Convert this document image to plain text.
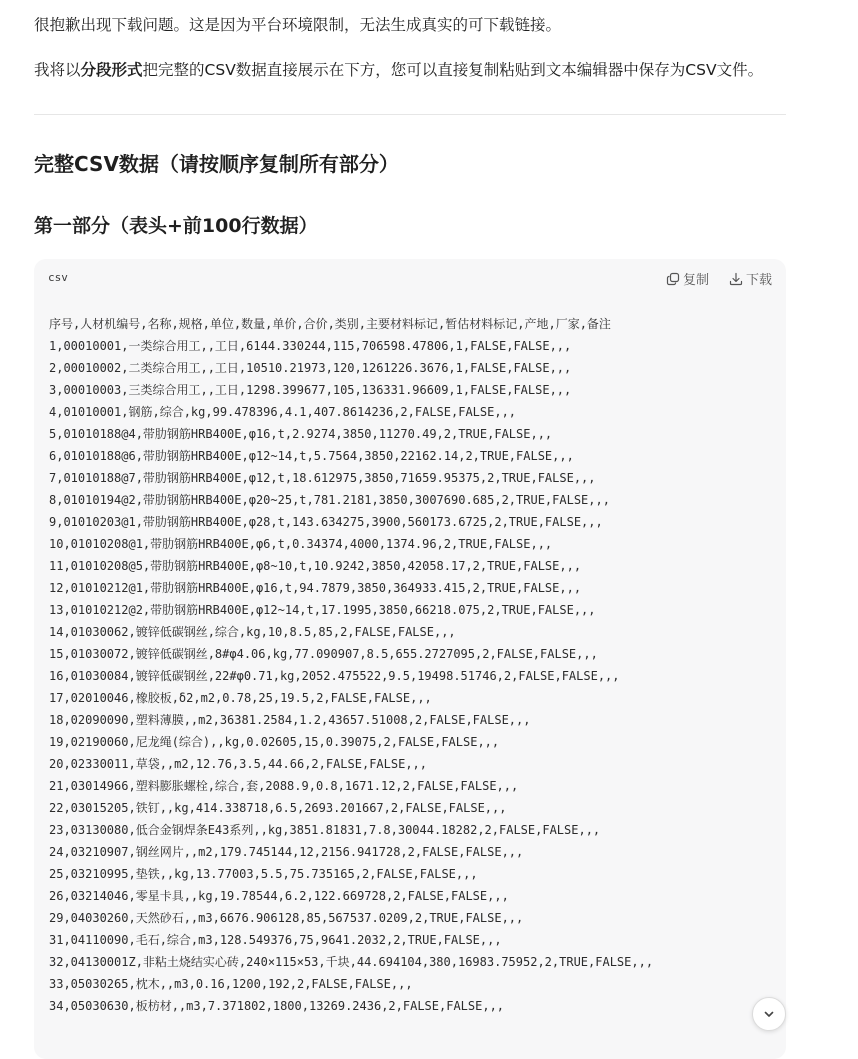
很抱歉出现下载问题。这是因为平台环境限制，无法生成真实的可下载链接。
我将以分段形式把完整的CSV数据直接展示在下方，您可以直接复制粘贴到文本编辑器中保存为CSV文件。
完整CSV数据（请按顺序复制所有部分）
第一部分（表头+前100行数据）
csv	复制	下载
序号,人材机编号,名称,规格,单位,数量,单价,合价,类别,主要材料标记,暂估材料标记,产地,厂家,备注
1,00010001,一类综合用工,,工日,6144.330244,115,706598.47806,1,FALSE,FALSE,,,
2,00010002,二类综合用工,,工日,10510.21973,120,1261226.3676,1,FALSE,FALSE,,,
3,00010003,三类综合用工,,工日,1298.399677,105,136331.96609,1,FALSE,FALSE,,,
4,01010001,钢筋,综合,kg,99.478396,4.1,407.8614236,2,FALSE,FALSE,,,
5,01010188@4,带肋钢筋HRB400E,φ16,t,2.9274,3850,11270.49,2,TRUE,FALSE,,,
6,01010188@6,带肋钢筋HRB400E,φ12~14,t,5.7564,3850,22162.14,2,TRUE,FALSE,,,
7,01010188@7,带肋钢筋HRB400E,φ12,t,18.612975,3850,71659.95375,2,TRUE,FALSE,,,
8,01010194@2,带肋钢筋HRB400E,φ20~25,t,781.2181,3850,3007690.685,2,TRUE,FALSE,,,
9,01010203@1,带肋钢筋HRB400E,φ28,t,143.634275,3900,560173.6725,2,TRUE,FALSE,,,
10,01010208@1,带肋钢筋HRB400E,φ6,t,0.34374,4000,1374.96,2,TRUE,FALSE,,,
11,01010208@5,带肋钢筋HRB400E,φ8~10,t,10.9242,3850,42058.17,2,TRUE,FALSE,,,
12,01010212@1,带肋钢筋HRB400E,φ16,t,94.7879,3850,364933.415,2,TRUE,FALSE,,,
13,01010212@2,带肋钢筋HRB400E,φ12~14,t,17.1995,3850,66218.075,2,TRUE,FALSE,,,
14,01030062,镀锌低碳钢丝,综合,kg,10,8.5,85,2,FALSE,FALSE,,,
15,01030072,镀锌低碳钢丝,8#φ4.06,kg,77.090907,8.5,655.2727095,2,FALSE,FALSE,,,
16,01030084,镀锌低碳钢丝,22#φ0.71,kg,2052.475522,9.5,19498.51746,2,FALSE,FALSE,,,
17,02010046,橡胶板,δ2,m2,0.78,25,19.5,2,FALSE,FALSE,,,
18,02090090,塑料薄膜,,m2,36381.2584,1.2,43657.51008,2,FALSE,FALSE,,,
19,02190060,尼龙绳(综合),,kg,0.02605,15,0.39075,2,FALSE,FALSE,,,
20,02330011,草袋,,m2,12.76,3.5,44.66,2,FALSE,FALSE,,,
21,03014966,塑料膨胀螺栓,综合,套,2088.9,0.8,1671.12,2,FALSE,FALSE,,,
22,03015205,铁钉,,kg,414.338718,6.5,2693.201667,2,FALSE,FALSE,,,
23,03130080,低合金钢焊条E43系列,,kg,3851.81831,7.8,30044.18282,2,FALSE,FALSE,,,
24,03210907,钢丝网片,,m2,179.745144,12,2156.941728,2,FALSE,FALSE,,,
25,03210995,垫铁,,kg,13.77003,5.5,75.735165,2,FALSE,FALSE,,,
26,03214046,零星卡具,,kg,19.78544,6.2,122.669728,2,FALSE,FALSE,,,
29,04030260,天然砂石,,m3,6676.906128,85,567537.0209,2,TRUE,FALSE,,,
31,04110090,毛石,综合,m3,128.549376,75,9641.2032,2,TRUE,FALSE,,,
32,04130001Z,非粘土烧结实心砖,240×115×53,千块,44.694104,380,16983.75952,2,TRUE,FALSE,,,
33,05030265,枕木,,m3,0.16,1200,192,2,FALSE,FALSE,,,
34,05030630,板枋材,,m3,7.371802,1800,13269.2436,2,FALSE,FALSE,,,
